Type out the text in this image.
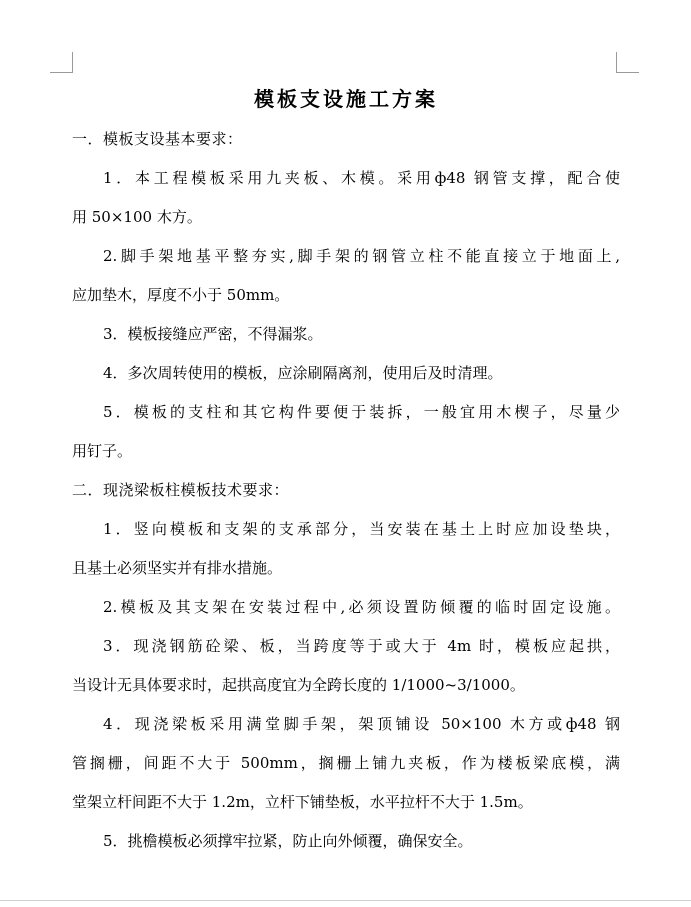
模板支设施工方案
一．模板支设基本要求：
1．本工程模板采用九夹板、木模。采用ф48 钢管支撑，配合使
用 50×100 木方。
2.脚手架地基平整夯实,脚手架的钢管立柱不能直接立于地面上,
应加垫木，厚度不小于 50mm。
3．模板接缝应严密，不得漏浆。
4．多次周转使用的模板，应涂刷隔离剂，使用后及时清理。
5．模板的支柱和其它构件要便于装拆，一般宜用木楔子，尽量少
用钉子。
二．现浇梁板柱模板技术要求：
1．竖向模板和支架的支承部分，当安装在基土上时应加设垫块，
且基土必须坚实并有排水措施。
2.模板及其支架在安装过程中,必须设置防倾覆的临时固定设施。
3．现浇钢筋砼梁、板，当跨度等于或大于 4m 时，模板应起拱，
当设计无具体要求时，起拱高度宜为全跨长度的 1/1000~3/1000。
4．现浇梁板采用满堂脚手架，架顶铺设 50×100 木方或ф48 钢
管搁栅，间距不大于 500mm，搁栅上铺九夹板，作为楼板梁底模，满
堂架立杆间距不大于 1.2m，立杆下铺垫板，水平拉杆不大于 1.5m。
5．挑檐模板必须撑牢拉紧，防止向外倾覆，确保安全。
